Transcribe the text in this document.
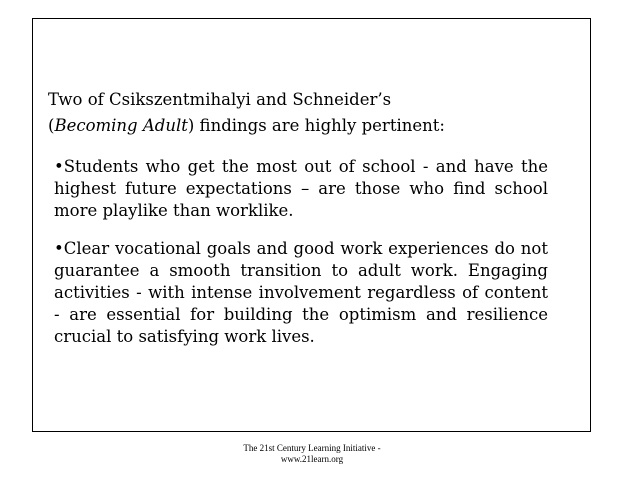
Two of Csikszentmihalyi and Schneider’s
(Becoming Adult) findings are highly pertinent:
•Students who get the most out of school - and have the highest future expectations – are those who find school more playlike than worklike.
•Clear vocational goals and good work experiences do not guarantee a smooth transition to adult work. Engaging activities - with intense involvement regardless of content - are essential for building the optimism and resilience crucial to satisfying work lives.
The 21st Century Learning Initiative -
www.21learn.org
